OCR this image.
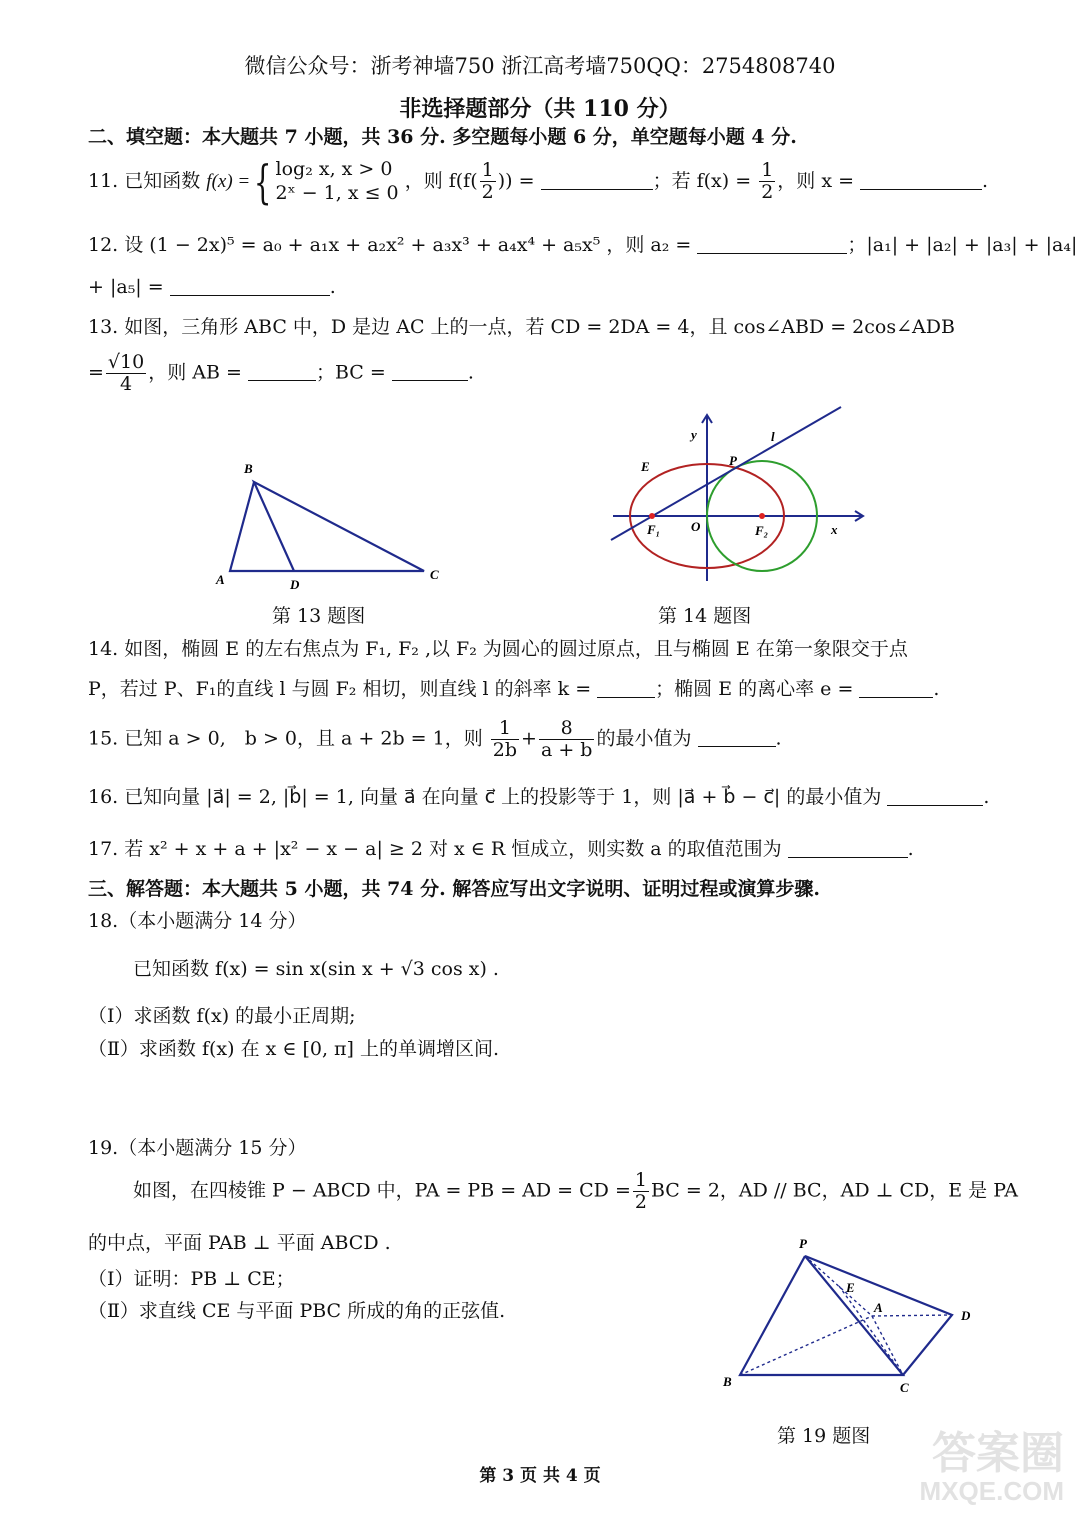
微信公众号：浙考神墙750 浙江高考墙750QQ：2754808740
非选择题部分（共 110 分）
二、填空题：本大题共 7 小题，共 36 分. 多空题每小题 6 分，单空题每小题 4 分.
11. 已知函数 f(x) ={ log₂ x, x > 0
2ˣ − 1, x ≤ 0
，则 $f(f( \frac{1}{2}$ )) =	；若 $f(x) = \frac{1}{2}$ ，则 x =	.
12. 设 (1 − 2x)⁵ = a₀ + a₁x + a₂x² + a₃x³ + a₄x⁴ + a₅x⁵ ，则 a₂ =	；|a₁| + |a₂| + |a₃| + |a₄|
+ |a₅| =	.
13. 如图，三角形 ABC 中，D 是边 AC 上的一点，若 CD = 2DA = 4，且 cos∠ABD = 2cos∠ADB
= $\frac{√10}{4}$ ，则 AB =	；BC =	.
B
A	D
C
第 13 题图
y
E	P
l
F₁ O	F₂	x
第 14 题图
14. 如图，椭圆 E 的左右焦点为 F₁, F₂ ,以 F₂ 为圆心的圆过原点，且与椭圆 E 在第一象限交于点
P，若过 P、F₁的直线 l 与圆 F₂ 相切，则直线 l 的斜率 k =	；椭圆 E 的离心率 e =	.
15. 已知 a > 0,　b > 0，且 a + 2b = 1，则 $\frac{1}{2b} + \frac{8}{a + b}$ 的最小值为	.
16. 已知向量 |a⃗| = 2, |b⃗| = 1, 向量 a⃗ 在向量 c⃗ 上的投影等于 1，则 |a⃗ + b⃗ − c⃗| 的最小值为	.
17. 若 x² + x + a + |x² − x − a| ≥ 2 对 x ∈ R 恒成立，则实数 a 的取值范围为	.
三、解答题：本大题共 5 小题，共 74 分. 解答应写出文字说明、证明过程或演算步骤.
18.（本小题满分 14 分）
已知函数 f(x) = sin x(sin x + √3 cos x) .
（Ⅰ）求函数 f(x) 的最小正周期;
（Ⅱ）求函数 f(x) 在 x ∈ [0, π] 上的单调增区间.
19.（本小题满分 15 分）
如图，在四棱锥 P − ABCD 中，PA = PB = AD = CD = $\frac{1}{2}$ BC = 2，AD // BC，AD ⊥ CD，E 是 PA
的中点，平面 PAB ⊥ 平面 ABCD .
（Ⅰ）证明：PB ⊥ CE；
（Ⅱ）求直线 CE 与平面 PBC 所成的角的正弦值.
P
E
A
D
B	C
第 19 题图
第 3 页 共 4 页	答案圈
MXQE.COM
